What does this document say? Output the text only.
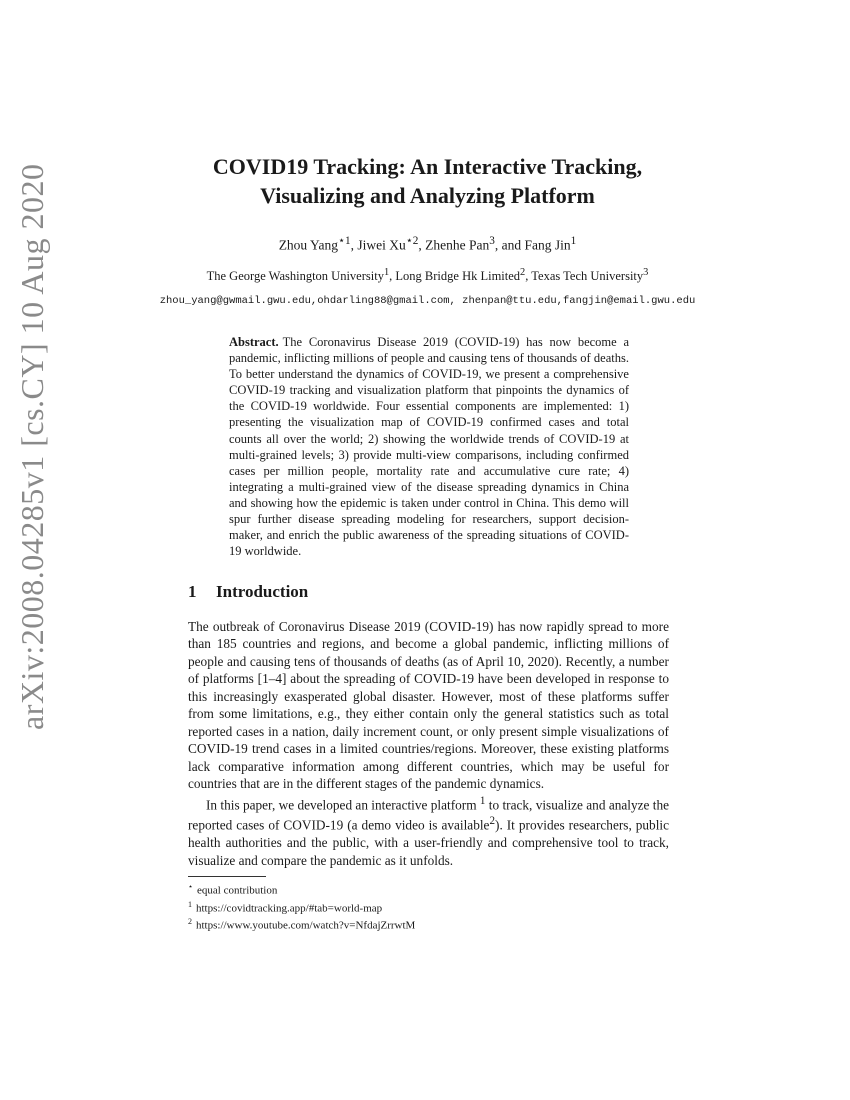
arXiv:2008.04285v1 [cs.CY] 10 Aug 2020	COVID19 Tracking: An Interactive Tracking,
Visualizing and Analyzing Platform
Zhou Yang$^{⋆1}$, Jiwei $Xu^{⋆2}$, Zhenhe Pan$^3$, and Fang Jin$^1$
The George Washington University$^1$, Long Bridge Hk Limited$^2$, Texas Tech University$^3$
zhou_yang@gwmail.gwu.edu,ohdarling88@gmail.com, zhenpan@ttu.edu,fangjin@email.gwu.edu
Abstract. The Coronavirus Disease 2019 (COVID-19) has now become a pandemic, inflicting millions of people and causing tens of thousands of deaths. To better understand the dynamics of COVID-19, we present a comprehensive COVID-19 tracking and visualization platform that pinpoints the dynamics of the COVID-19 worldwide. Four essential components are implemented: 1) presenting the visualization map of COVID-19 confirmed cases and total counts all over the world; 2) showing the worldwide trends of COVID-19 at multi-grained levels; 3) provide multi-view comparisons, including confirmed cases per million people, mortality rate and accumulative cure rate; 4) integrating a multi-grained view of the disease spreading dynamics in China and showing how the epidemic is taken under control in China. This demo will spur further disease spreading modeling for researchers, support decision-maker, and enrich the public awareness of the spreading situations of COVID-19 worldwide.
1 Introduction

The outbreak of Coronavirus Disease 2019 (COVID-19) has now rapidly spread to more than 185 countries and regions, and become a global pandemic, inflicting millions of people and causing tens of thousands of deaths (as of April 10, 2020). Recently, a number of platforms [1–4] about the spreading of COVID-19 have been developed in response to this increasingly exasperated global disaster. However, most of these platforms suffer from some limitations, e.g., they either contain only the general statistics such as total reported cases in a nation, daily increment count, or only present simple visualizations of COVID-19 trend cases in a limited countries/regions. Moreover, these existing platforms lack comparative information among different countries, which may be useful for countries that are in the different stages of the pandemic dynamics.

In this paper, we developed an interactive platform $^1$ to track, visualize and analyze the reported cases of COVID-19 (a demo video is available$^2$). It provides researchers, public health authorities and the public, with a user-friendly and comprehensive tool to track, visualize and compare the pandemic as it unfolds.

⋆ equal contribution
$^1$ https://covidtracking.app/#tab=world-map
$^2$ https://www.youtube.com/watch?v=NfdajZrrwtM
